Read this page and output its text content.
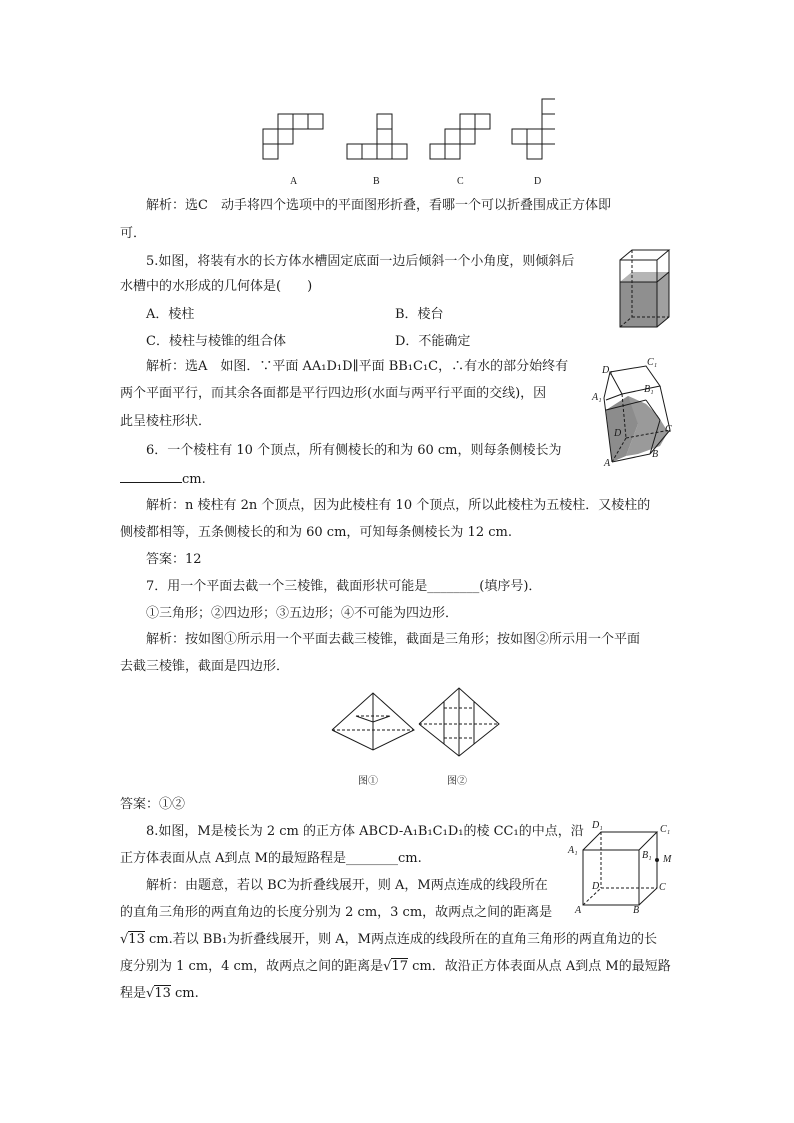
A	B	C	D
解析：选C　动手将四个选项中的平面图形折叠，看哪一个可以折叠围成正方体即
可．
5.如图，将装有水的长方体水槽固定底面一边后倾斜一个小角度，则倾斜后
水槽中的水形成的几何体是(　　)
A．棱柱	B．棱台
C．棱柱与棱锥的组合体	D．不能确定
解析：选A　如图．∵平面 AA₁D₁D∥平面 BB₁C₁C，∴有水的部分始终有
两个平面平行，而其余各面都是平行四边形(水面与两平行平面的交线)，因
此呈棱柱形状．
C₁
D₁
B₁
A₁
D	C
A
B
6．一个棱柱有 10 个顶点，所有侧棱长的和为 60 cm，则每条侧棱长为
cm.
解析：n 棱柱有 2n 个顶点，因为此棱柱有 10 个顶点，所以此棱柱为五棱柱．又棱柱的
侧棱都相等，五条侧棱长的和为 60 cm，可知每条侧棱长为 12 cm.
答案：12
7．用一个平面去截一个三棱锥，截面形状可能是________(填序号)．
①三角形；②四边形；③五边形；④不可能为四边形．
解析：按如图①所示用一个平面去截三棱锥，截面是三角形；按如图②所示用一个平面
去截三棱锥，截面是四边形．
图①	图②
答案：①②
8.如图，M是棱长为 2 cm 的正方体 ABCD-A₁B₁C₁D₁的棱 CC₁的中点，沿
正方体表面从点 A到点 M的最短路程是________cm.
解析：由题意，若以 BC为折叠线展开，则 A，M两点连成的线段所在
的直角三角形的两直角边的长度分别为 2 cm，3 cm，故两点之间的距离是
√13 cm.若以 BB₁为折叠线展开，则 A，M两点连成的线段所在的直角三角形的两直角边的长
度分别为 1 cm，4 cm，故两点之间的距离是√17 cm．故沿正方体表面从点 A到点 M的最短路
程是√13 cm.
D₁	C₁
A₁	B₁ M
D	C
A	B
